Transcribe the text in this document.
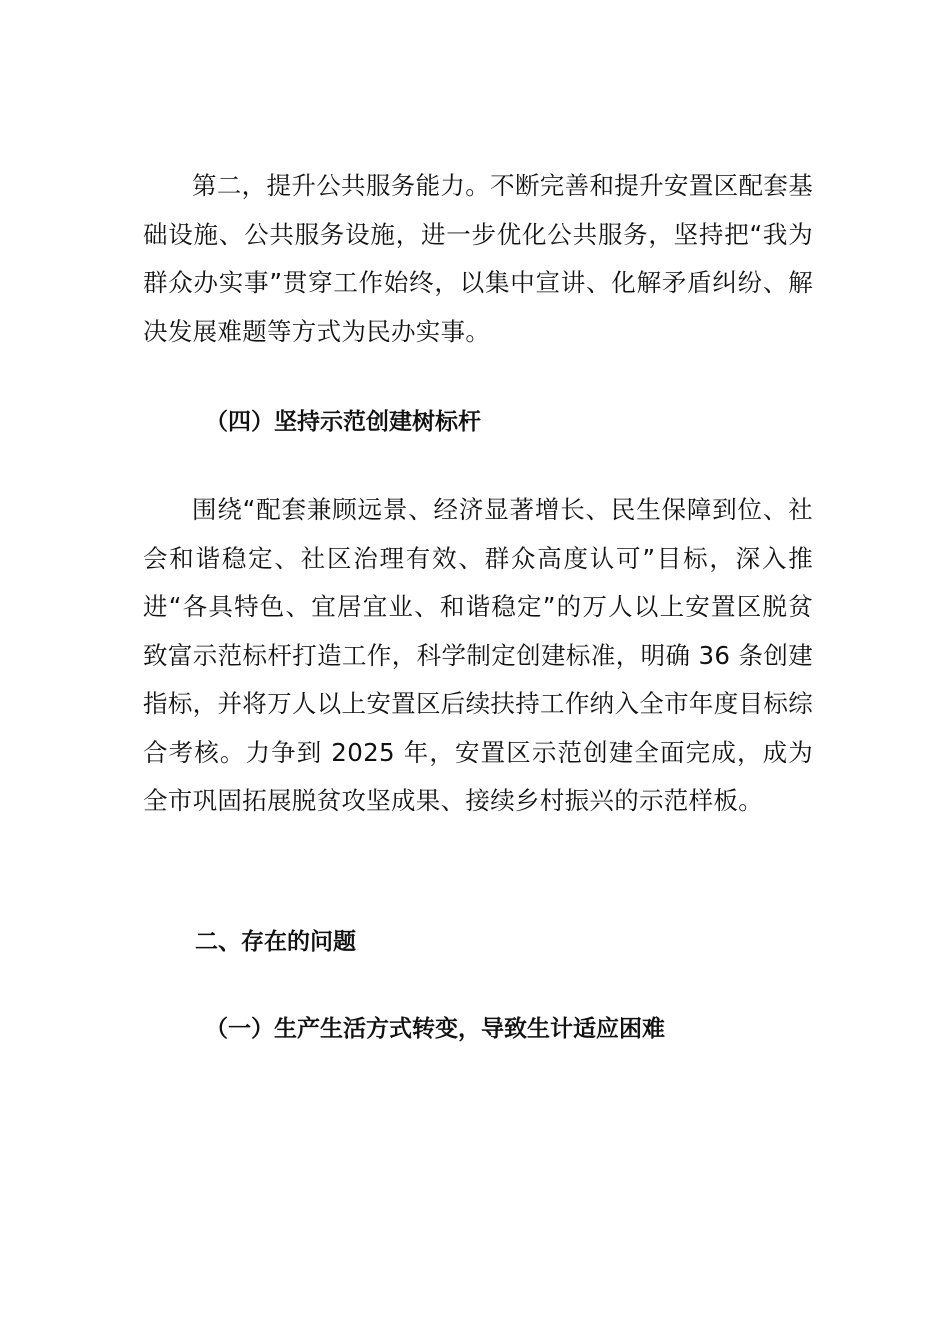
第二，提升公共服务能力。不断完善和提升安置区配套基础设施、公共服务设施，进一步优化公共服务，坚持把“我为群众办实事”贯穿工作始终，以集中宣讲、化解矛盾纠纷、解决发展难题等方式为民办实事。

（四）坚持示范创建树标杆

围绕“配套兼顾远景、经济显著增长、民生保障到位、社会和谐稳定、社区治理有效、群众高度认可”目标，深入推进“各具特色、宜居宜业、和谐稳定”的万人以上安置区脱贫致富示范标杆打造工作，科学制定创建标准，明确 36 条创建指标，并将万人以上安置区后续扶持工作纳入全市年度目标综合考核。力争到 2025 年，安置区示范创建全面完成，成为全市巩固拓展脱贫攻坚成果、接续乡村振兴的示范样板。

二、存在的问题
（一）生产生活方式转变，导致生计适应困难
